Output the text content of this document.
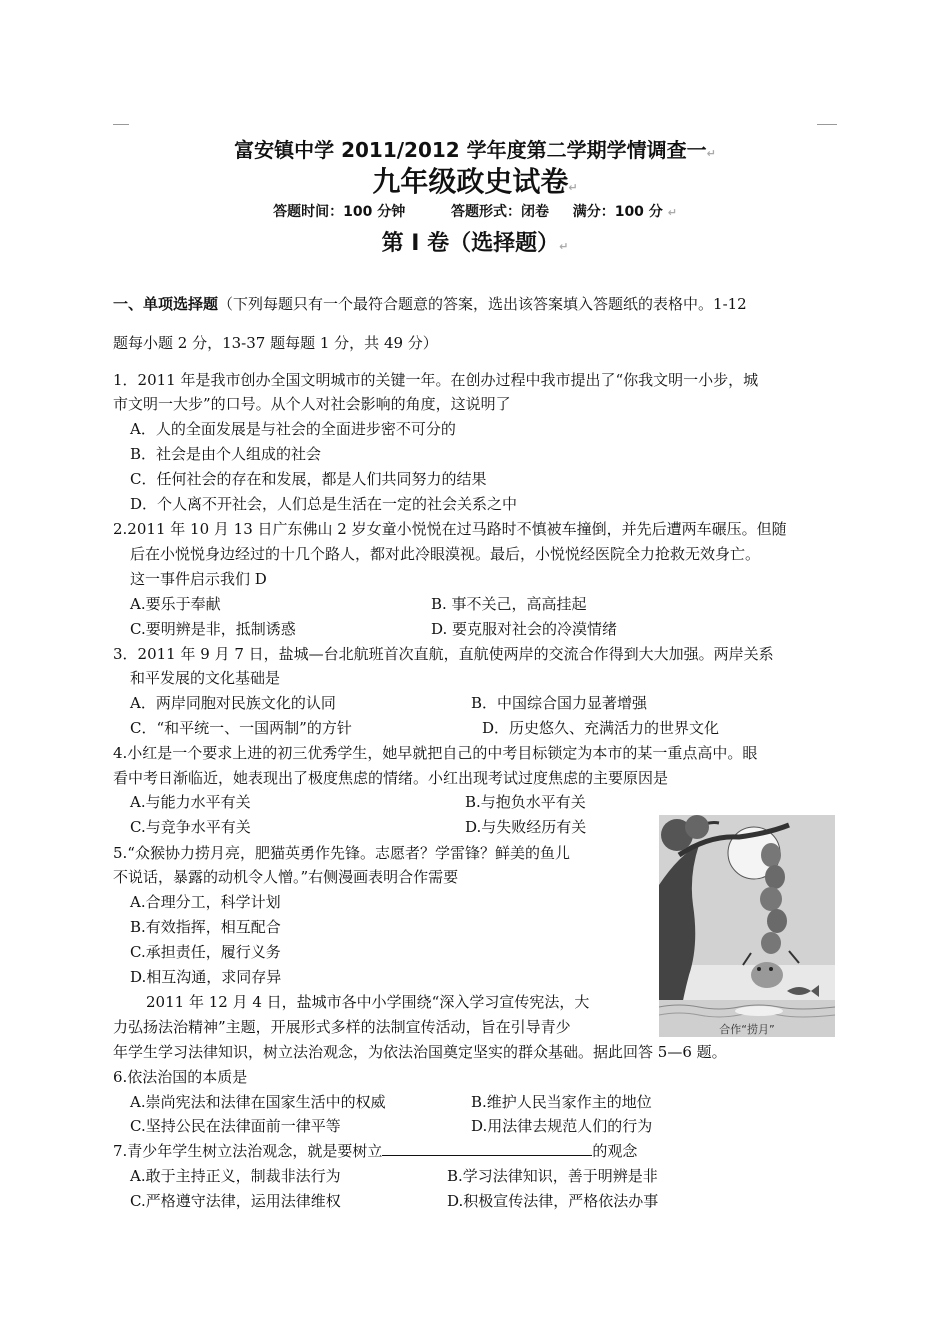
富安镇中学 2011/2012 学年度第二学期学情调查一↵
九年级政史试卷↵
答题时间：100 分钟	答题形式：闭卷 满分：100 分 ↵
第 I 卷（选择题）↵
一、单项选择题（下列每题只有一个最符合题意的答案，选出该答案填入答题纸的表格中。1-12
题每小题 2 分，13-37 题每题 1 分，共 49 分）
1．2011 年是我市创办全国文明城市的关键一年。在创办过程中我市提出了“你我文明一小步，城
市文明一大步”的口号。从个人对社会影响的角度，这说明了
A．人的全面发展是与社会的全面进步密不可分的
B．社会是由个人组成的社会
C．任何社会的存在和发展，都是人们共同努力的结果
D．个人离不开社会，人们总是生活在一定的社会关系之中
2.2011 年 10 月 13 日广东佛山 2 岁女童小悦悦在过马路时不慎被车撞倒，并先后遭两车碾压。但随
后在小悦悦身边经过的十几个路人，都对此冷眼漠视。最后，小悦悦经医院全力抢救无效身亡。
这一事件启示我们 D
A.要乐于奉献	B. 事不关己，高高挂起
C.要明辨是非，抵制诱惑	D. 要克服对社会的冷漠情绪
3．2011 年 9 月 7 日，盐城—台北航班首次直航，直航使两岸的交流合作得到大大加强。两岸关系
和平发展的文化基础是
A．两岸同胞对民族文化的认同	B．中国综合国力显著增强
C．“和平统一、一国两制”的方针	D．历史悠久、充满活力的世界文化
4.小红是一个要求上进的初三优秀学生，她早就把自己的中考目标锁定为本市的某一重点高中。眼
看中考日渐临近，她表现出了极度焦虑的情绪。小红出现考试过度焦虑的主要原因是
A.与能力水平有关	B.与抱负水平有关
C.与竞争水平有关	D.与失败经历有关
5.“众猴协力捞月亮，肥猫英勇作先锋。志愿者？学雷锋？鲜美的鱼儿
不说话，暴露的动机令人憎。”右侧漫画表明合作需要
A.合理分工，科学计划
B.有效指挥，相互配合
C.承担责任，履行义务
D.相互沟通，求同存异
合作“捞月”
2011 年 12 月 4 日，盐城市各中小学围绕“深入学习宣传宪法，大
力弘扬法治精神”主题，开展形式多样的法制宣传活动，旨在引导青少
年学生学习法律知识，树立法治观念，为依法治国奠定坚实的群众基础。据此回答 5—6 题。
6.依法治国的本质是
A.崇尚宪法和法律在国家生活中的权威	B.维护人民当家作主的地位
C.坚持公民在法律面前一律平等	D.用法律去规范人们的行为
7.青少年学生树立法治观念，就是要树立	的观念
A.敢于主持正义，制裁非法行为	B.学习法律知识，善于明辨是非
C.严格遵守法律，运用法律维权	D.积极宣传法律，严格依法办事
